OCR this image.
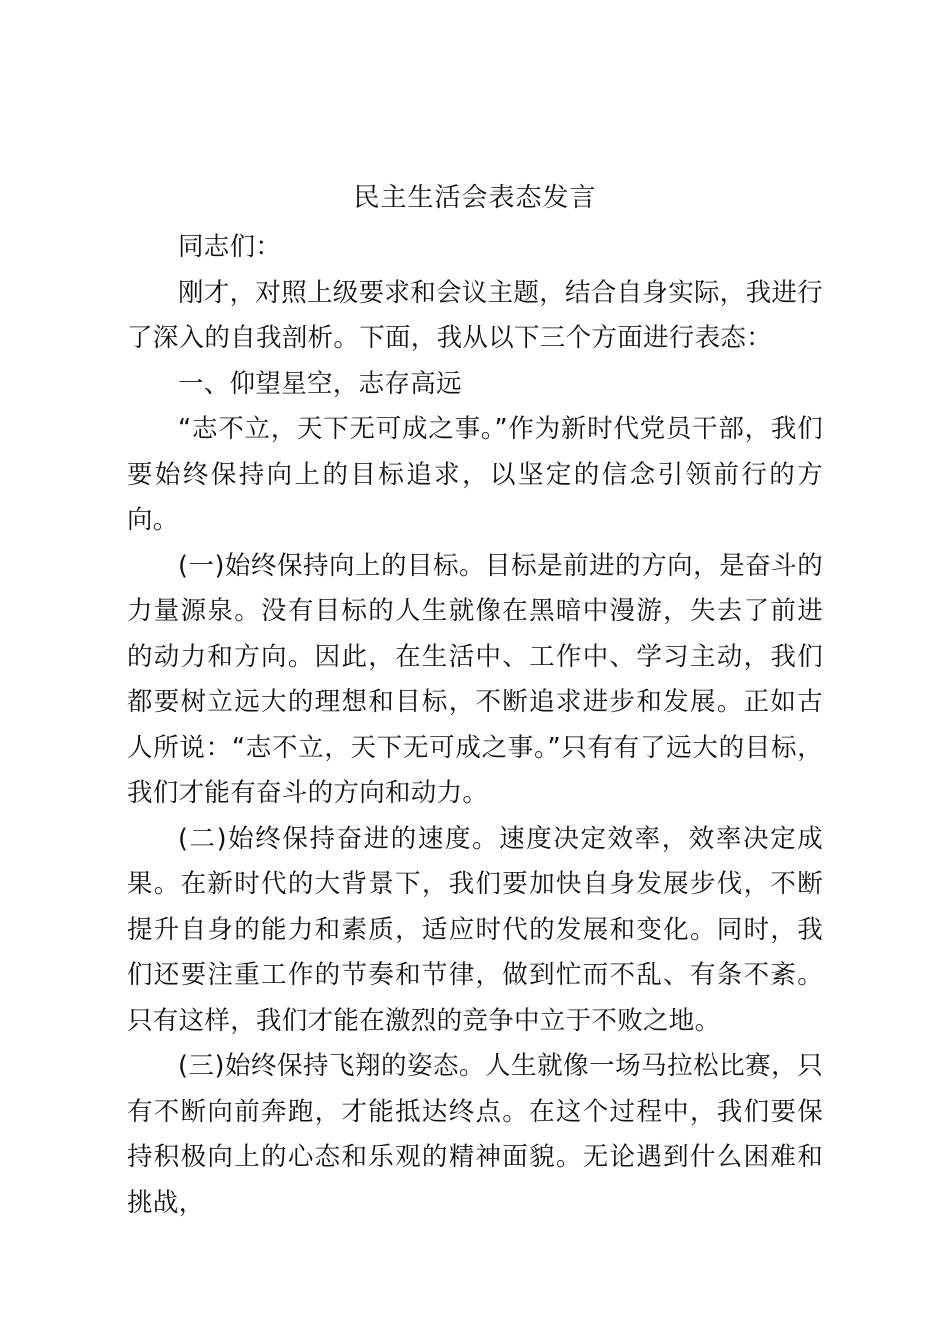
民主生活会表态发言

同志们：

刚才，对照上级要求和会议主题，结合自身实际，我进行了深入的自我剖析。下面，我从以下三个方面进行表态：

一、仰望星空，志存高远

“志不立，天下无可成之事。”作为新时代党员干部，我们要始终保持向上的目标追求，以坚定的信念引领前行的方向。

(一)始终保持向上的目标。目标是前进的方向，是奋斗的力量源泉。没有目标的人生就像在黑暗中漫游，失去了前进的动力和方向。因此，在生活中、工作中、学习主动，我们都要树立远大的理想和目标，不断追求进步和发展。正如古人所说：“志不立，天下无可成之事。”只有有了远大的目标，我们才能有奋斗的方向和动力。

(二)始终保持奋进的速度。速度决定效率，效率决定成果。在新时代的大背景下，我们要加快自身发展步伐，不断提升自身的能力和素质，适应时代的发展和变化。同时，我们还要注重工作的节奏和节律，做到忙而不乱、有条不紊。只有这样，我们才能在激烈的竞争中立于不败之地。

(三)始终保持飞翔的姿态。人生就像一场马拉松比赛，只有不断向前奔跑，才能抵达终点。在这个过程中，我们要保持积极向上的心态和乐观的精神面貌。无论遇到什么困难和挑战，
